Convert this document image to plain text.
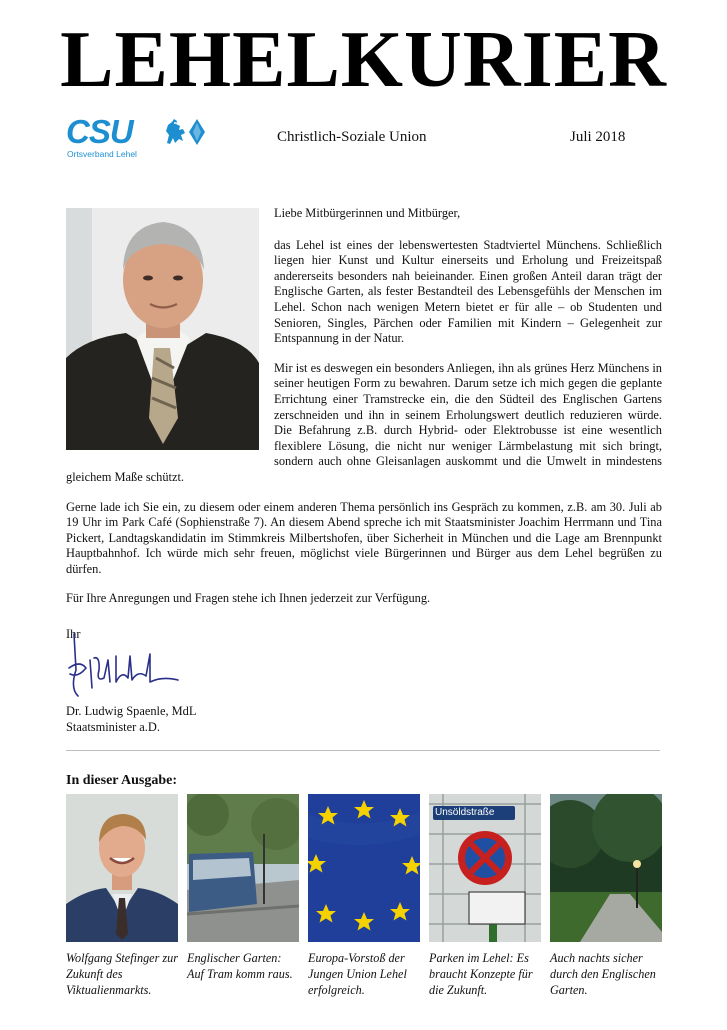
LEHELKURIER
CSU
Ortsverband Lehel
Christlich-Soziale Union	Juli 2018

Liebe Mitbürgerinnen und Mitbürger,

das Lehel ist eines der lebenswertesten Stadtviertel Münchens. Schließlich liegen hier Kunst und Kultur einerseits und Erholung und Freizeitspaß andererseits besonders nah beieinander. Einen großen Anteil daran trägt der Englische Garten, als fester Bestandteil des Lebensgefühls der Menschen im Lehel. Schon nach wenigen Metern bietet er für alle – ob Studenten und Senioren, Singles, Pärchen oder Familien mit Kindern – Gelegenheit zur Entspannung in der Natur.

Mir ist es deswegen ein besonders Anliegen, ihn als grünes Herz Münchens in seiner heutigen Form zu bewahren. Darum setze ich mich gegen die geplante Errichtung einer Tramstrecke ein, die den Südteil des Englischen Gartens zerschneiden und ihn in seinem Erholungswert deutlich reduzieren würde. Die Befahrung z.B. durch Hybrid- oder Elektrobusse ist eine wesentlich flexiblere Lösung, die nicht nur weniger Lärmbelastung mit sich bringt, sondern auch ohne Gleisanlagen auskommt und die Umwelt in mindestens gleichem Maße schützt.

Gerne lade ich Sie ein, zu diesem oder einem anderen Thema persönlich ins Gespräch zu kommen, z.B. am 30. Juli ab 19 Uhr im Park Café (Sophienstraße 7). An diesem Abend spreche ich mit Staatsminister Joachim Herrmann und Tina Pickert, Landtagskandidatin im Stimmkreis Milbertshofen, über Sicherheit in München und die Lage am Brennpunkt Hauptbahnhof. Ich würde mich sehr freuen, möglichst viele Bürgerinnen und Bürger aus dem Lehel begrüßen zu dürfen.

Für Ihre Anregungen und Fragen stehe ich Ihnen jederzeit zur Verfügung.

Ihr
Dr. Ludwig Spaenle, MdL
Staatsminister a.D.
In dieser Ausgabe:
Wolfgang Stefinger zur Zukunft des Viktualienmarkts.
Englischer Garten: Auf Tram komm raus.
Europa-Vorstoß der Jungen Union Lehel erfolgreich.
Unsöldstraße
Parken im Lehel: Es braucht Konzepte für die Zukunft.
Auch nachts sicher durch den Englischen Garten.
